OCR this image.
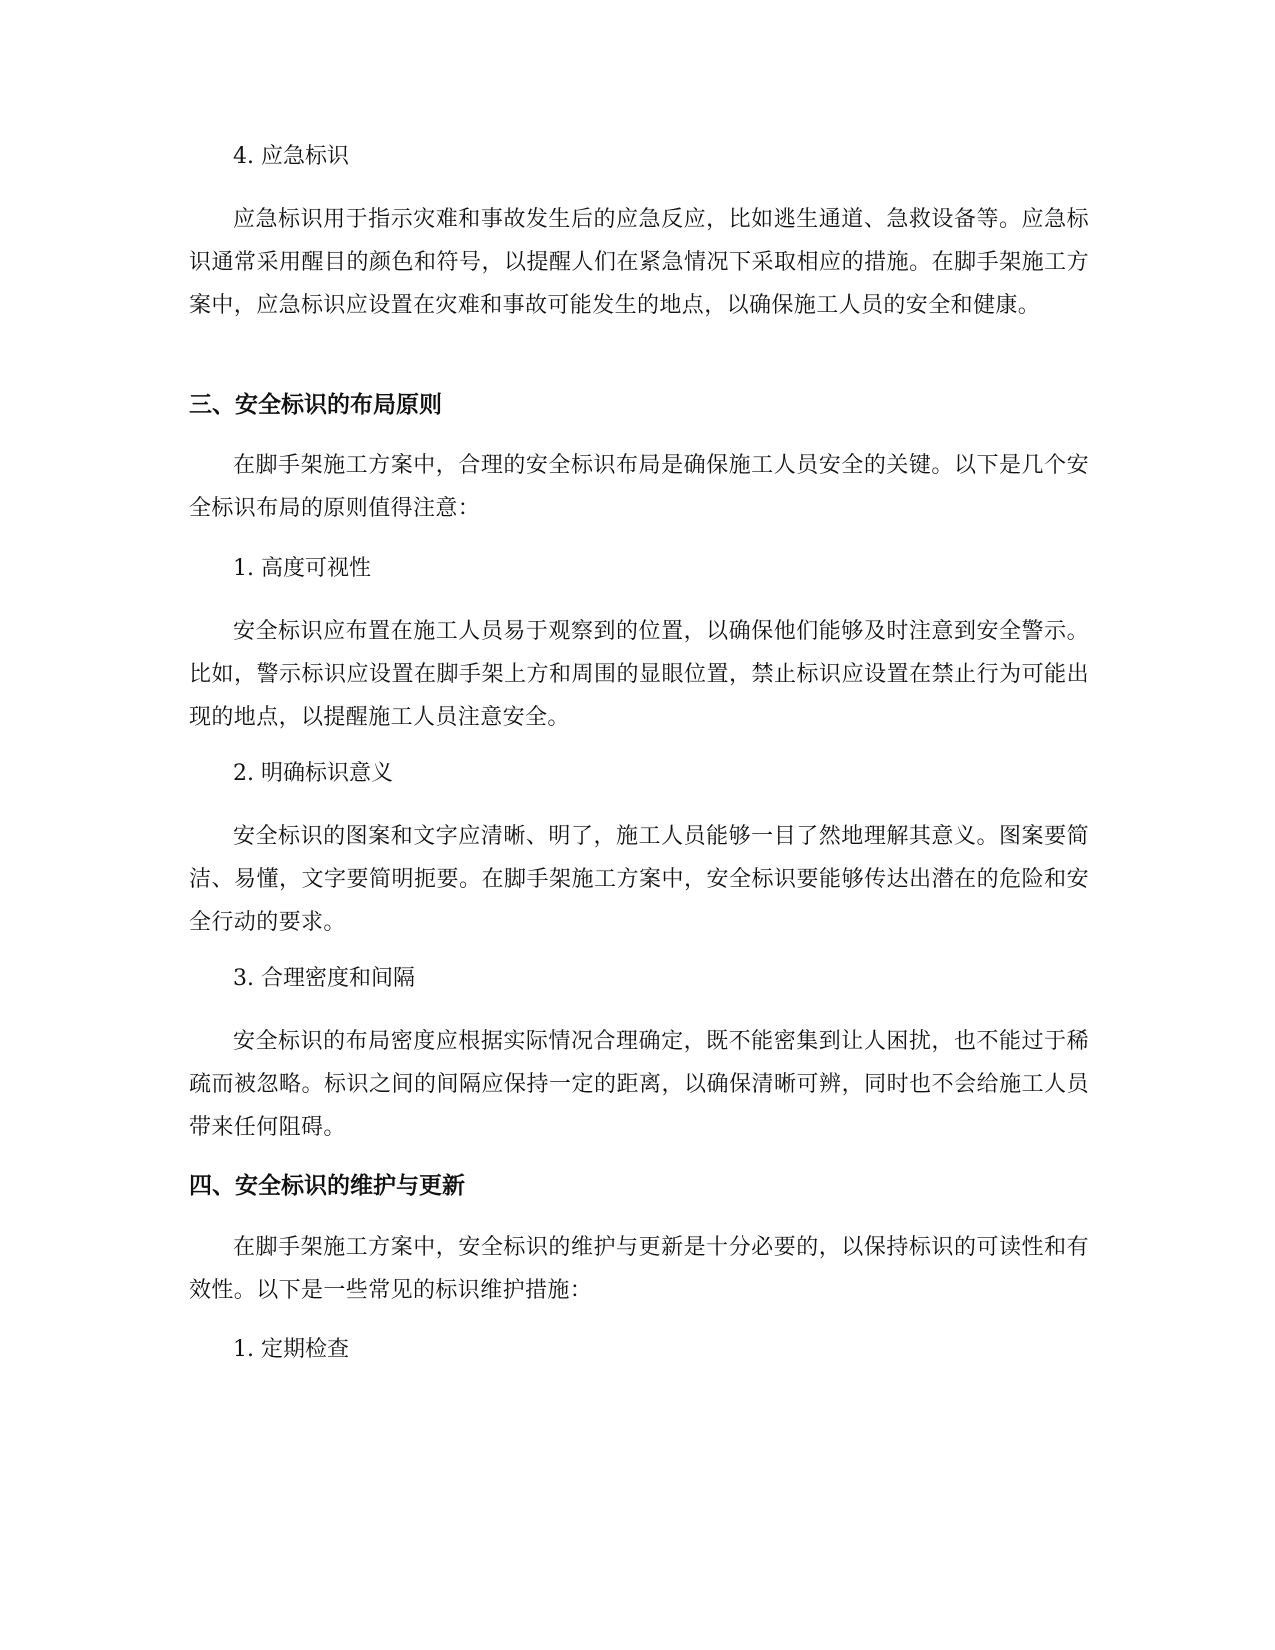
4. 应急标识
应急标识用于指示灾难和事故发生后的应急反应，比如逃生通道、急救设备等。应急标识通常采用醒目的颜色和符号，以提醒人们在紧急情况下采取相应的措施。在脚手架施工方案中，应急标识应设置在灾难和事故可能发生的地点，以确保施工人员的安全和健康。
三、安全标识的布局原则
在脚手架施工方案中，合理的安全标识布局是确保施工人员安全的关键。以下是几个安全标识布局的原则值得注意：
1. 高度可视性
安全标识应布置在施工人员易于观察到的位置，以确保他们能够及时注意到安全警示。比如，警示标识应设置在脚手架上方和周围的显眼位置，禁止标识应设置在禁止行为可能出现的地点，以提醒施工人员注意安全。
2. 明确标识意义
安全标识的图案和文字应清晰、明了，施工人员能够一目了然地理解其意义。图案要简洁、易懂，文字要简明扼要。在脚手架施工方案中，安全标识要能够传达出潜在的危险和安全行动的要求。
3. 合理密度和间隔
安全标识的布局密度应根据实际情况合理确定，既不能密集到让人困扰，也不能过于稀疏而被忽略。标识之间的间隔应保持一定的距离，以确保清晰可辨，同时也不会给施工人员带来任何阻碍。
四、安全标识的维护与更新
在脚手架施工方案中，安全标识的维护与更新是十分必要的，以保持标识的可读性和有效性。以下是一些常见的标识维护措施：
1. 定期检查
